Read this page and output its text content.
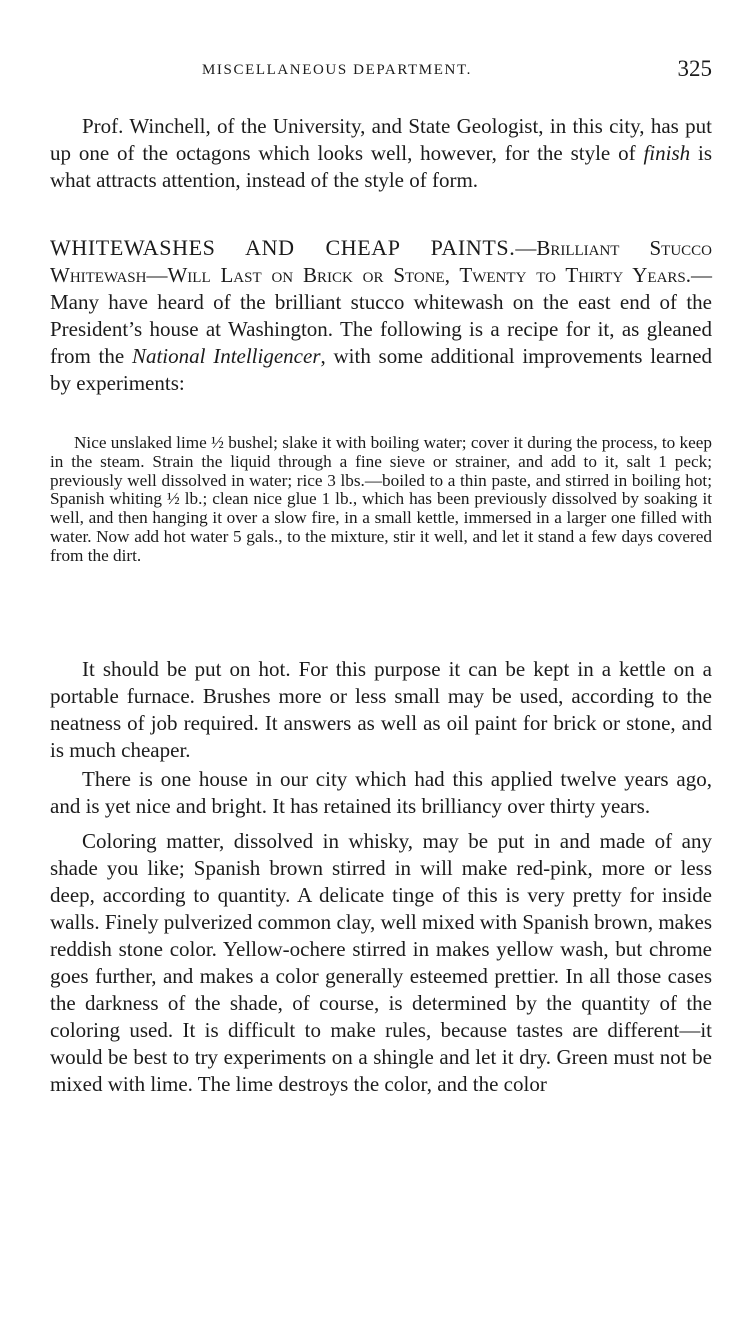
MISCELLANEOUS DEPARTMENT.	325

Prof. Winchell, of the University, and State Geologist, in this city, has put up one of the octagons which looks well, however, for the style of finish is what attracts attention, instead of the style of form.

WHITEWASHES AND CHEAP PAINTS.—Brilliant Stucco Whitewash—Will Last on Brick or Stone, Twenty to Thirty Years.—Many have heard of the brilliant stucco whitewash on the east end of the President’s house at Washington. The following is a recipe for it, as gleaned from the National Intelligencer, with some additional improvements learned by experiments:

Nice unslaked lime ½ bushel; slake it with boiling water; cover it during the process, to keep in the steam. Strain the liquid through a fine sieve or strainer, and add to it, salt 1 peck; previously well dissolved in water; rice 3 lbs.—boiled to a thin paste, and stirred in boiling hot; Spanish whiting ½ lb.; clean nice glue 1 lb., which has been previously dissolved by soaking it well, and then hanging it over a slow fire, in a small kettle, immersed in a larger one filled with water. Now add hot water 5 gals., to the mixture, stir it well, and let it stand a few days covered from the dirt.

It should be put on hot. For this purpose it can be kept in a kettle on a portable furnace. Brushes more or less small may be used, according to the neatness of job required. It answers as well as oil paint for brick or stone, and is much cheaper.

There is one house in our city which had this applied twelve years ago, and is yet nice and bright. It has retained its brilliancy over thirty years.

Coloring matter, dissolved in whisky, may be put in and made of any shade you like; Spanish brown stirred in will make red-pink, more or less deep, according to quantity. A delicate tinge of this is very pretty for inside walls. Finely pulverized common clay, well mixed with Spanish brown, makes reddish stone color. Yellow-ochere stirred in makes yellow wash, but chrome goes further, and makes a color generally esteemed prettier. In all those cases the darkness of the shade, of course, is determined by the quantity of the coloring used. It is difficult to make rules, because tastes are different—it would be best to try experiments on a shingle and let it dry. Green must not be mixed with lime. The lime destroys the color, and the color
